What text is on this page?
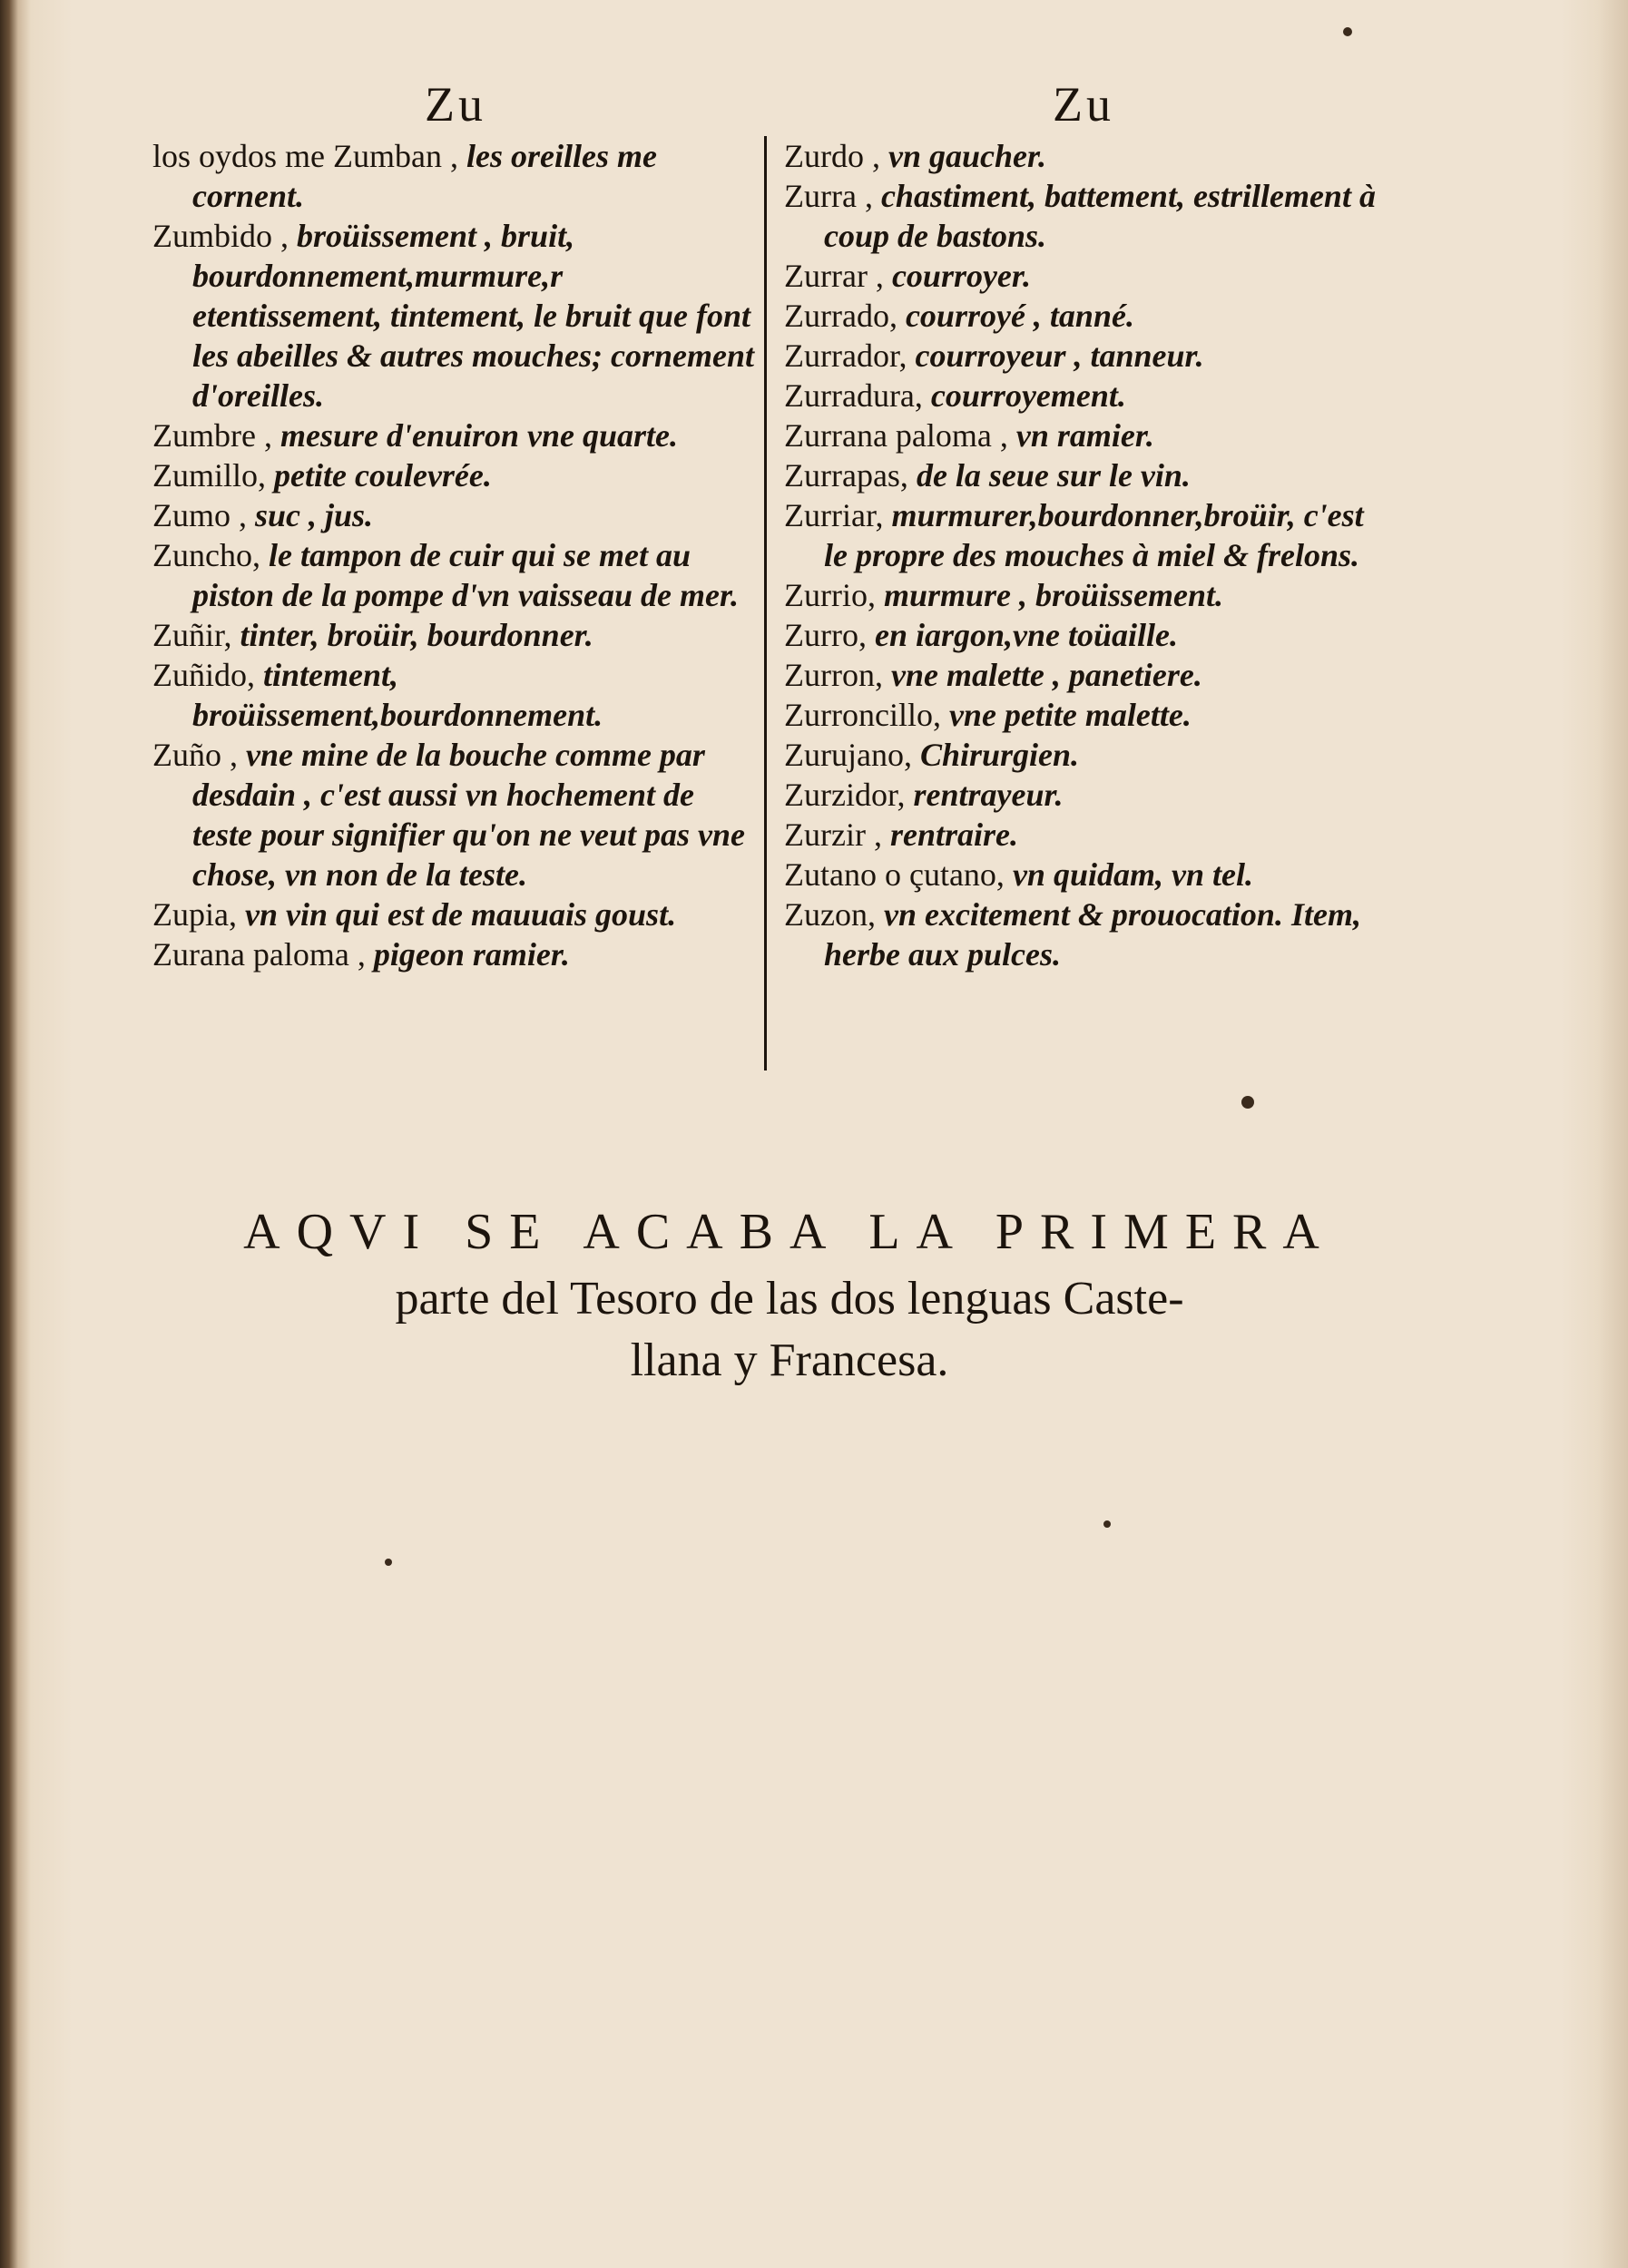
Zu
los oydos me Zumban , les oreilles me cornent.
Zumbido , broüissement , bruit, bourdonnement,murmure,r etentissement, tintement, le bruit que font les abeilles & autres mouches; cornement d'oreilles.
Zumbre , mesure d'enuiron vne quarte.
Zumillo, petite coulevrée.
Zumo , suc , jus.
Zuncho, le tampon de cuir qui se met au piston de la pompe d'vn vaisseau de mer.
Zuñir, tinter, broüir, bourdonner.
Zuñido, tintement, broüissement,bourdonnement.
Zuño , vne mine de la bouche comme par desdain , c'est aussi vn hochement de teste pour signifier qu'on ne veut pas vne chose, vn non de la teste.
Zupia, vn vin qui est de mauuais goust.
Zurana paloma , pigeon ramier.
Zu
Zurdo , vn gaucher.
Zurra , chastiment, battement, estrillement à coup de bastons.
Zurrar , courroyer.
Zurrado, courroyé , tanné.
Zurrador, courroyeur , tanneur.
Zurradura, courroyement.
Zurrana paloma , vn ramier.
Zurrapas, de la seue sur le vin.
Zurriar, murmurer,bourdonner,broüir, c'est le propre des mouches à miel & frelons.
Zurrio, murmure , broüissement.
Zurro, en iargon,vne toüaille.
Zurron, vne malette , panetiere.
Zurroncillo, vne petite malette.
Zurujano, Chirurgien.
Zurzidor, rentrayeur.
Zurzir , rentraire.
Zutano o çutano, vn quidam, vn tel.
Zuzon, vn excitement & prouocation. Item, herbe aux pulces.
AQVI SE ACABA LA PRIMERA
parte del Tesoro de las dos lenguas Caste-
llana y Francesa.
